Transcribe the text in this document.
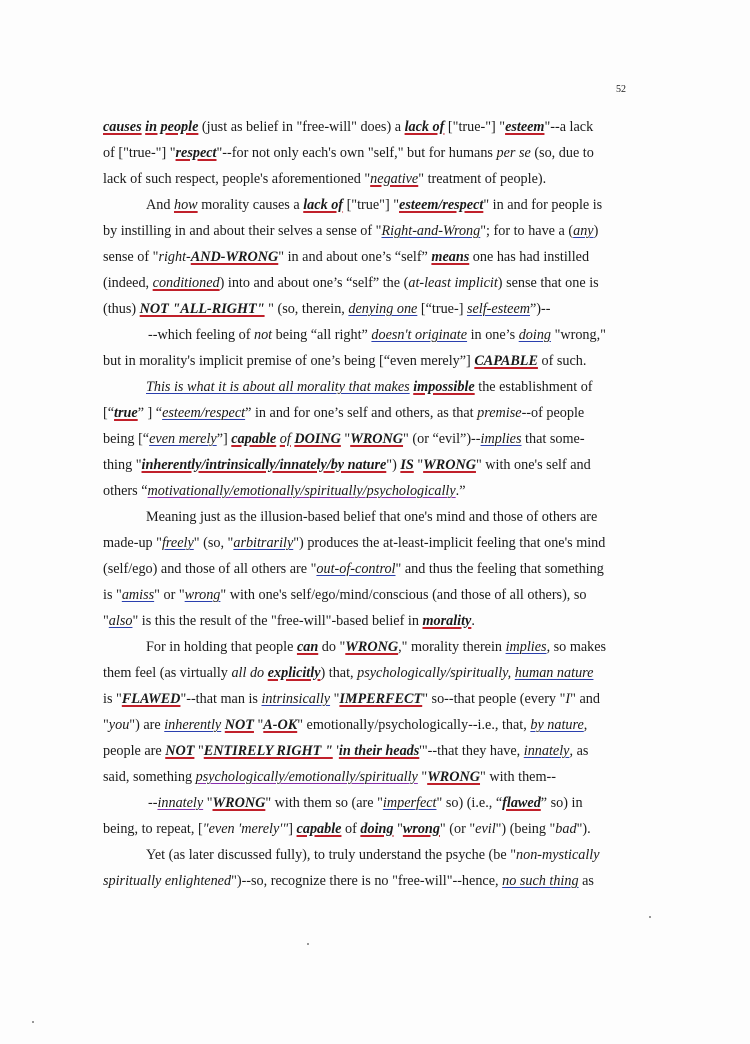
52
causes in people (just as belief in "free-will" does) a lack of ["true-"] "esteem"--a lack
of ["true-"] "respect"--for not only each's own "self," but for humans per se (so, due to
lack of such respect, people's aforementioned "negative" treatment of people).
And how morality causes a lack of ["true"] "esteem/respect" in and for people is
by instilling in and about their selves a sense of "Right-and-Wrong"; for to have a (any)
sense of "right-AND-WRONG" in and about one’s “self” means one has had instilled
(indeed, conditioned) into and about one’s “self” the (at-least implicit) sense that one is
(thus) NOT "ALL-RIGHT" " (so, therein, denying one [“true-] self-esteem”)--
--which feeling of not being “all right” doesn't originate in one’s doing "wrong,"
but in morality's implicit premise of one’s being [“even merely”] CAPABLE of such.
This is what it is about all morality that makes impossible the establishment of
[“true” ] “esteem/respect” in and for one’s self and others, as that premise--of people
being [“even merely”] capable of DOING "WRONG" (or “evil”)--implies that some-
thing "inherently/intrinsically/innately/by nature") IS "WRONG" with one's self and
others “motivationally/emotionally/spiritually/psychologically.”
Meaning just as the illusion-based belief that one's mind and those of others are
made-up "freely" (so, "arbitrarily") produces the at-least-implicit feeling that one's mind
(self/ego) and those of all others are "out-of-control" and thus the feeling that something
is "amiss" or "wrong" with one's self/ego/mind/conscious (and those of all others), so
"also" is this the result of the "free-will"-based belief in morality.
For in holding that people can do "WRONG," morality therein implies, so makes
them feel (as virtually all do explicitly) that, psychologically/spiritually, human nature
is "FLAWED"--that man is intrinsically "IMPERFECT" so--that people (every "I" and
"you") are inherently NOT "A-OK" emotionally/psychologically--i.e., that, by nature,
people are NOT "ENTIRELY RIGHT " 'in their heads'"--that they have, innately, as
said, something psychologically/emotionally/spiritually "WRONG" with them--
--innately "WRONG" with them so (are "imperfect" so) (i.e., “flawed” so) in
being, to repeat, ["even 'merely'"] capable of doing "wrong" (or "evil") (being "bad").
Yet (as later discussed fully), to truly understand the psyche (be "non-mystically
spiritually enlightened")--so, recognize there is no "free-will"--hence, no such thing as
